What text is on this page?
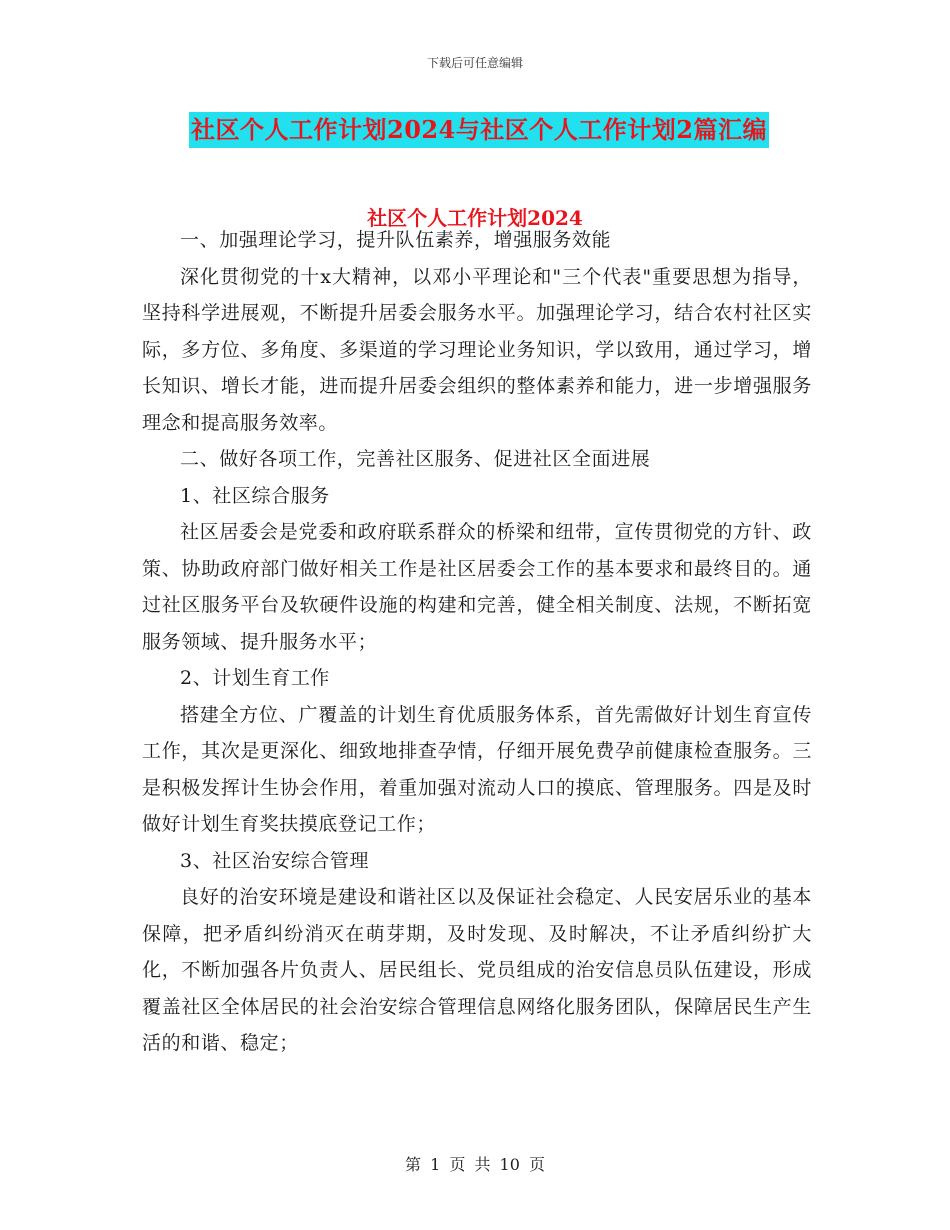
下载后可任意编辑
社区个人工作计划2024与社区个人工作计划2篇汇编
社区个人工作计划2024

一、加强理论学习，提升队伍素养，增强服务效能

深化贯彻党的十x大精神，以邓小平理论和"三个代表"重要思想为指导，坚持科学进展观，不断提升居委会服务水平。加强理论学习，结合农村社区实际，多方位、多角度、多渠道的学习理论业务知识，学以致用，通过学习，增长知识、增长才能，进而提升居委会组织的整体素养和能力，进一步增强服务理念和提高服务效率。

二、做好各项工作，完善社区服务、促进社区全面进展

1、社区综合服务

社区居委会是党委和政府联系群众的桥梁和纽带，宣传贯彻党的方针、政策、协助政府部门做好相关工作是社区居委会工作的基本要求和最终目的。通过社区服务平台及软硬件设施的构建和完善，健全相关制度、法规，不断拓宽服务领域、提升服务水平；

2、计划生育工作

搭建全方位、广覆盖的计划生育优质服务体系，首先需做好计划生育宣传工作，其次是更深化、细致地排查孕情，仔细开展免费孕前健康检查服务。三是积极发挥计生协会作用，着重加强对流动人口的摸底、管理服务。四是及时做好计划生育奖扶摸底登记工作；

3、社区治安综合管理

良好的治安环境是建设和谐社区以及保证社会稳定、人民安居乐业的基本保障，把矛盾纠纷消灭在萌芽期，及时发现、及时解决，不让矛盾纠纷扩大化，不断加强各片负责人、居民组长、党员组成的治安信息员队伍建设，形成覆盖社区全体居民的社会治安综合管理信息网络化服务团队，保障居民生产生活的和谐、稳定；

第 1 页 共 10 页
